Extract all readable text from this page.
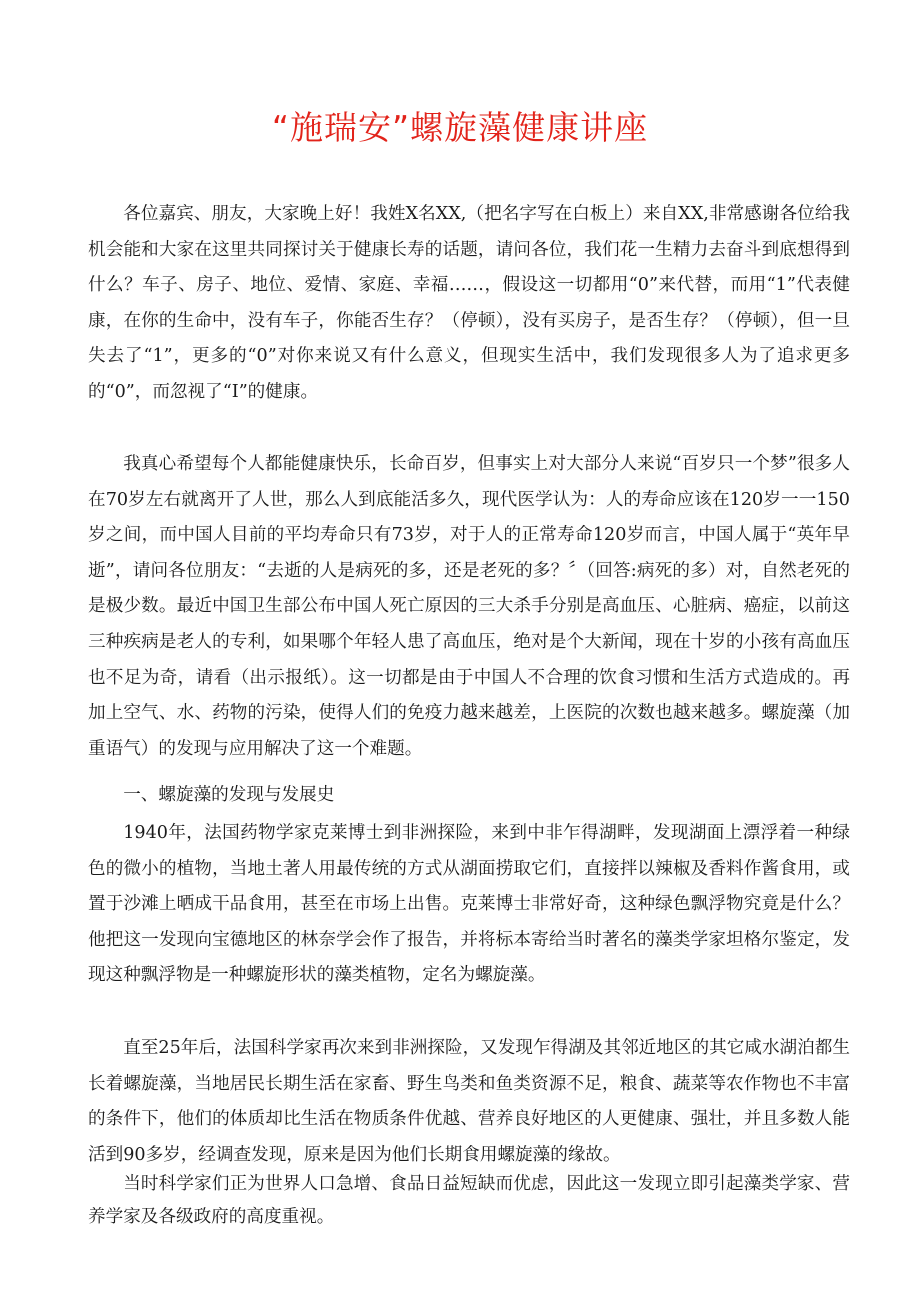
“施瑞安”螺旋藻健康讲座

各位嘉宾、朋友，大家晚上好！我姓X名XX,（把名字写在白板上）来自XX,非常感谢各位给我机会能和大家在这里共同探讨关于健康长寿的话题，请问各位，我们花一生精力去奋斗到底想得到什么？车子、房子、地位、爱情、家庭、幸福……，假设这一切都用“0”来代替，而用“1”代表健康，在你的生命中，没有车子，你能否生存？（停顿），没有买房子，是否生存？（停顿），但一旦失去了“1”，更多的“0”对你来说又有什么意义，但现实生活中，我们发现很多人为了追求更多的“0”，而忽视了“I”的健康。

我真心希望每个人都能健康快乐，长命百岁，但事实上对大部分人来说“百岁只一个梦”很多人在70岁左右就离开了人世，那么人到底能活多久，现代医学认为：人的寿命应该在120岁一一150岁之间，而中国人目前的平均寿命只有73岁，对于人的正常寿命120岁而言，中国人属于“英年早逝”，请问各位朋友：“去逝的人是病死的多，还是老死的多？〞（回答:病死的多）对，自然老死的是极少数。最近中国卫生部公布中国人死亡原因的三大杀手分别是高血压、心脏病、癌症，以前这三种疾病是老人的专利，如果哪个年轻人患了高血压，绝对是个大新闻，现在十岁的小孩有高血压也不足为奇，请看（出示报纸）。这一切都是由于中国人不合理的饮食习惯和生活方式造成的。再加上空气、水、药物的污染，使得人们的免疫力越来越差，上医院的次数也越来越多。螺旋藻（加重语气）的发现与应用解决了这一个难题。

一、螺旋藻的发现与发展史

1940年，法国药物学家克莱博士到非洲探险，来到中非乍得湖畔，发现湖面上漂浮着一种绿色的微小的植物，当地土著人用最传统的方式从湖面捞取它们，直接拌以辣椒及香料作酱食用，或置于沙滩上晒成干品食用，甚至在市场上出售。克莱博士非常好奇，这种绿色飘浮物究竟是什么？他把这一发现向宝德地区的林奈学会作了报告，并将标本寄给当时著名的藻类学家坦格尔鉴定，发现这种飘浮物是一种螺旋形状的藻类植物，定名为螺旋藻。

直至25年后，法国科学家再次来到非洲探险，又发现乍得湖及其邻近地区的其它咸水湖泊都生长着螺旋藻，当地居民长期生活在家畜、野生鸟类和鱼类资源不足，粮食、蔬菜等农作物也不丰富的条件下，他们的体质却比生活在物质条件优越、营养良好地区的人更健康、强壮，并且多数人能活到90多岁，经调查发现，原来是因为他们长期食用螺旋藻的缘故。

当时科学家们正为世界人口急增、食品日益短缺而优虑，因此这一发现立即引起藻类学家、营养学家及各级政府的高度重视。
